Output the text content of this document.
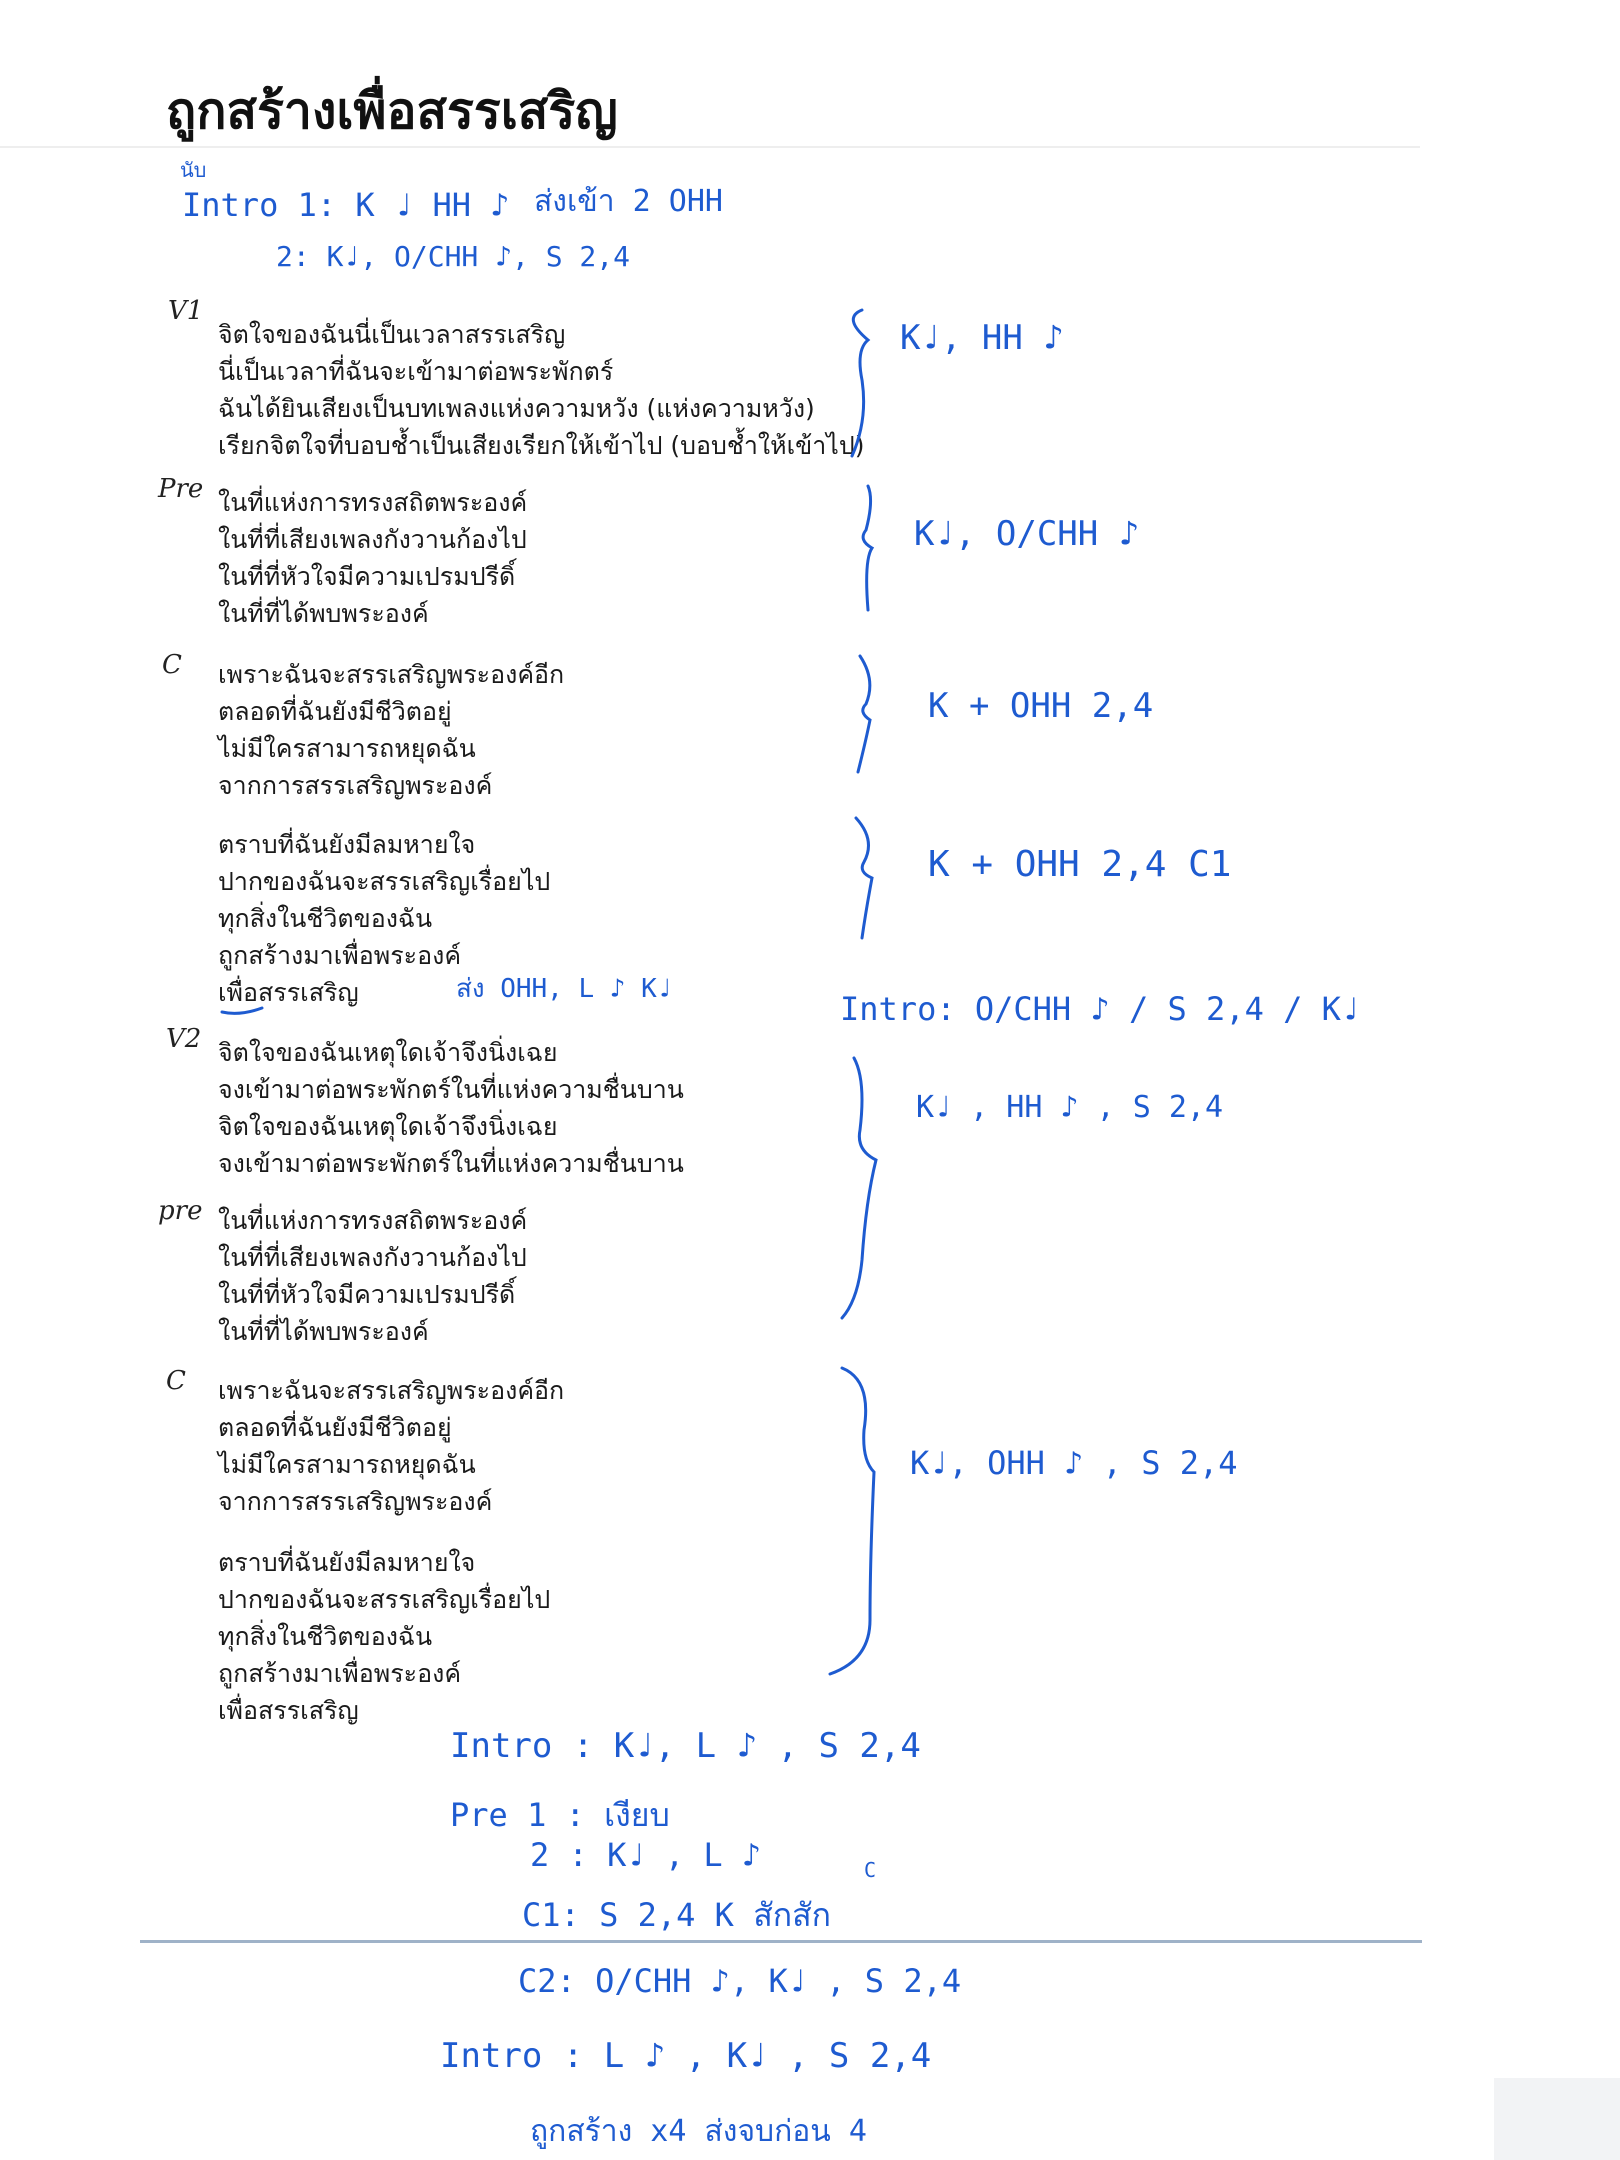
ถูกสร้างเพื่อสรรเสริญ
V1
Pre
C
V2
pre
C
จิตใจของฉันนี่เป็นเวลาสรรเสริญ
นี่เป็นเวลาที่ฉันจะเข้ามาต่อพระพักตร์
ฉันได้ยินเสียงเป็นบทเพลงแห่งความหวัง (แห่งความหวัง)
เรียกจิตใจที่บอบช้ำเป็นเสียงเรียกให้เข้าไป (บอบช้ำให้เข้าไป)
ในที่แห่งการทรงสถิตพระองค์
ในที่ที่เสียงเพลงกังวานก้องไป
ในที่ที่หัวใจมีความเปรมปรีดิ์
ในที่ที่ได้พบพระองค์
เพราะฉันจะสรรเสริญพระองค์อีก
ตลอดที่ฉันยังมีชีวิตอยู่
ไม่มีใครสามารถหยุดฉัน
จากการสรรเสริญพระองค์
ตราบที่ฉันยังมีลมหายใจ
ปากของฉันจะสรรเสริญเรื่อยไป
ทุกสิ่งในชีวิตของฉัน
ถูกสร้างมาเพื่อพระองค์
เพื่อสรรเสริญ
จิตใจของฉันเหตุใดเจ้าจึงนิ่งเฉย
จงเข้ามาต่อพระพักตร์ในที่แห่งความชื่นบาน
จิตใจของฉันเหตุใดเจ้าจึงนิ่งเฉย
จงเข้ามาต่อพระพักตร์ในที่แห่งความชื่นบาน
ในที่แห่งการทรงสถิตพระองค์
ในที่ที่เสียงเพลงกังวานก้องไป
ในที่ที่หัวใจมีความเปรมปรีดิ์
ในที่ที่ได้พบพระองค์
เพราะฉันจะสรรเสริญพระองค์อีก
ตลอดที่ฉันยังมีชีวิตอยู่
ไม่มีใครสามารถหยุดฉัน
จากการสรรเสริญพระองค์
ตราบที่ฉันยังมีลมหายใจ
ปากของฉันจะสรรเสริญเรื่อยไป
ทุกสิ่งในชีวิตของฉัน
ถูกสร้างมาเพื่อพระองค์
เพื่อสรรเสริญ
นับ
Intro 1: K ♩ HH ♪ ส่งเข้า 2 OHH
2: K♩, O/CHH ♪, S 2,4
K♩, HH ♪
K♩, O/CHH ♪
K + OHH 2,4
K + OHH 2,4 C1
ส่ง OHH, L ♪ K♩
Intro: O/CHH ♪ / S 2,4 / K♩
K♩ , HH ♪ , S 2,4
K♩, OHH ♪ , S 2,4
Intro : K♩, L ♪ , S 2,4
Pre 1 : เงียบ
2 : K♩ , L ♪	C
C1: S 2,4 K สักสัก
C2: O/CHH ♪, K♩ , S 2,4
Intro : L ♪ , K♩ , S 2,4
ถูกสร้าง x4 ส่งจบก่อน 4
